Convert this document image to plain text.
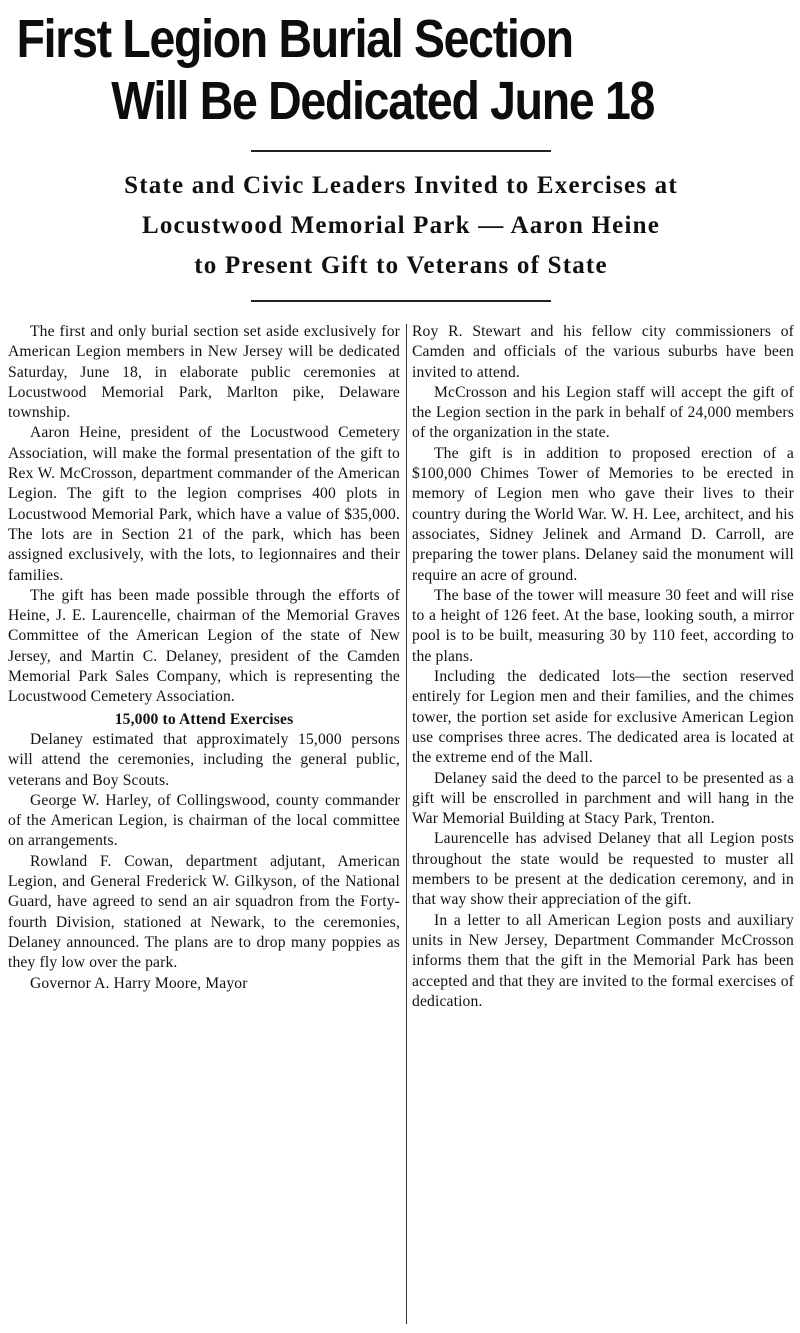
First Legion Burial Section
Will Be Dedicated June 18
State and Civic Leaders Invited to Exercises at
Locustwood Memorial Park — Aaron Heine
to Present Gift to Veterans of State

The first and only burial section set aside exclusively for American Legion members in New Jersey will be dedicated Saturday, June 18, in elaborate public ceremonies at Locustwood Memorial Park, Marlton pike, Delaware township.

Aaron Heine, president of the Locustwood Cemetery Association, will make the formal presentation of the gift to Rex W. McCrosson, department commander of the American Legion. The gift to the legion comprises 400 plots in Locustwood Memorial Park, which have a value of $35,000. The lots are in Section 21 of the park, which has been assigned exclusively, with the lots, to legionnaires and their families.

The gift has been made possible through the efforts of Heine, J. E. Laurencelle, chairman of the Memorial Graves Committee of the American Legion of the state of New Jersey, and Martin C. Delaney, president of the Camden Memorial Park Sales Company, which is representing the Locustwood Cemetery Association.

15,000 to Attend Exercises

Delaney estimated that approximately 15,000 persons will attend the ceremonies, including the general public, veterans and Boy Scouts.

George W. Harley, of Collingswood, county commander of the American Legion, is chairman of the local committee on arrangements.

Rowland F. Cowan, department adjutant, American Legion, and General Frederick W. Gilkyson, of the National Guard, have agreed to send an air squadron from the Forty-fourth Division, stationed at Newark, to the ceremonies, Delaney announced. The plans are to drop many poppies as they fly low over the park.

Governor A. Harry Moore, Mayor

Roy R. Stewart and his fellow city commissioners of Camden and officials of the various suburbs have been invited to attend.

McCrosson and his Legion staff will accept the gift of the Legion section in the park in behalf of 24,000 members of the organization in the state.

The gift is in addition to proposed erection of a $100,000 Chimes Tower of Memories to be erected in memory of Legion men who gave their lives to their country during the World War. W. H. Lee, architect, and his associates, Sidney Jelinek and Armand D. Carroll, are preparing the tower plans. Delaney said the monument will require an acre of ground.

The base of the tower will measure 30 feet and will rise to a height of 126 feet. At the base, looking south, a mirror pool is to be built, measuring 30 by 110 feet, according to the plans.

Including the dedicated lots—the section reserved entirely for Legion men and their families, and the chimes tower, the portion set aside for exclusive American Legion use comprises three acres. The dedicated area is located at the extreme end of the Mall.

Delaney said the deed to the parcel to be presented as a gift will be enscrolled in parchment and will hang in the War Memorial Building at Stacy Park, Trenton.

Laurencelle has advised Delaney that all Legion posts throughout the state would be requested to muster all members to be present at the dedication ceremony, and in that way show their appreciation of the gift.

In a letter to all American Legion posts and auxiliary units in New Jersey, Department Commander McCrosson informs them that the gift in the Memorial Park has been accepted and that they are invited to the formal exercises of dedication.
